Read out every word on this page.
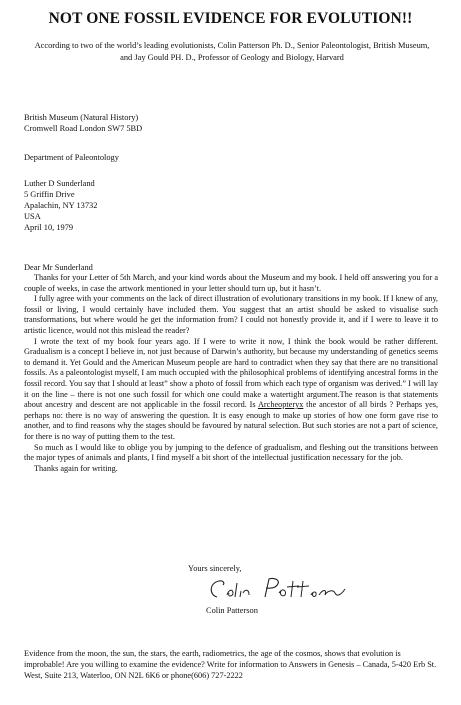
NOT ONE FOSSIL EVIDENCE FOR EVOLUTION!!
According to two of the world’s leading evolutionists, Colin Patterson Ph. D., Senior Paleontologist, British Museum, and Jay Gould PH. D., Professor of Geology and Biology, Harvard
British Museum (Natural History)
Cromwell Road London SW7 5BD
Department of Paleontology
Luther D Sunderland
5 Griffin Drive
Apalachin, NY 13732
USA
April 10, 1979
Dear Mr Sunderland

Thanks for your Letter of 5th March, and your kind words about the Museum and my book. I held off answering you for a couple of weeks, in case the artwork mentioned in your letter should turn up, but it hasn’t.

I fully agree with your comments on the lack of direct illustration of evolutionary transitions in my book. If I knew of any, fossil or living, I would certainly have included them. You suggest that an artist should be asked to visualise such transformations, but where would he get the information from? I could not honestly provide it, and if I were to leave it to artistic licence, would not this mislead the reader?

I wrote the text of my book four years ago. If I were to write it now, I think the book would be rather different. Gradualism is a concept I believe in, not just because of Darwin’s authority, but because my understanding of genetics seems to demand it. Yet Gould and the American Museum people are hard to contradict when they say that there are no transitional fossils. As a paleontologist myself, I am much occupied with the philosophical problems of identifying ancestral forms in the fossil record. You say that I should at least” show a photo of fossil from which each type of organism was derived.” I will lay it on the line – there is not one such fossil for which one could make a watertight argument.The reason is that statements about ancestry and descent are not applicable in the fossil record. Is Archeopteryx the ancestor of all birds ? Perhaps yes, perhaps no: there is no way of answering the question. It is easy enough to make up stories of how one form gave rise to another, and to find reasons why the stages should be favoured by natural selection. But such stories are not a part of science, for there is no way of putting them to the test.

So much as I would like to oblige you by jumping to the defence of gradualism, and fleshing out the transitions between the major types of animals and plants, I find myself a bit short of the intellectual justification necessary for the job.

Thanks again for writing.

Yours sincerely,
Colin Patterson
Evidence from the moon, the sun, the stars, the earth, radiometrics, the age of the cosmos, shows that evolution is improbable! Are you willing to examine the evidence? Write for information to Answers in Genesis – Canada, 5-420 Erb St. West, Suite 213, Waterloo, ON N2L 6K6 or phone(606) 727-2222
